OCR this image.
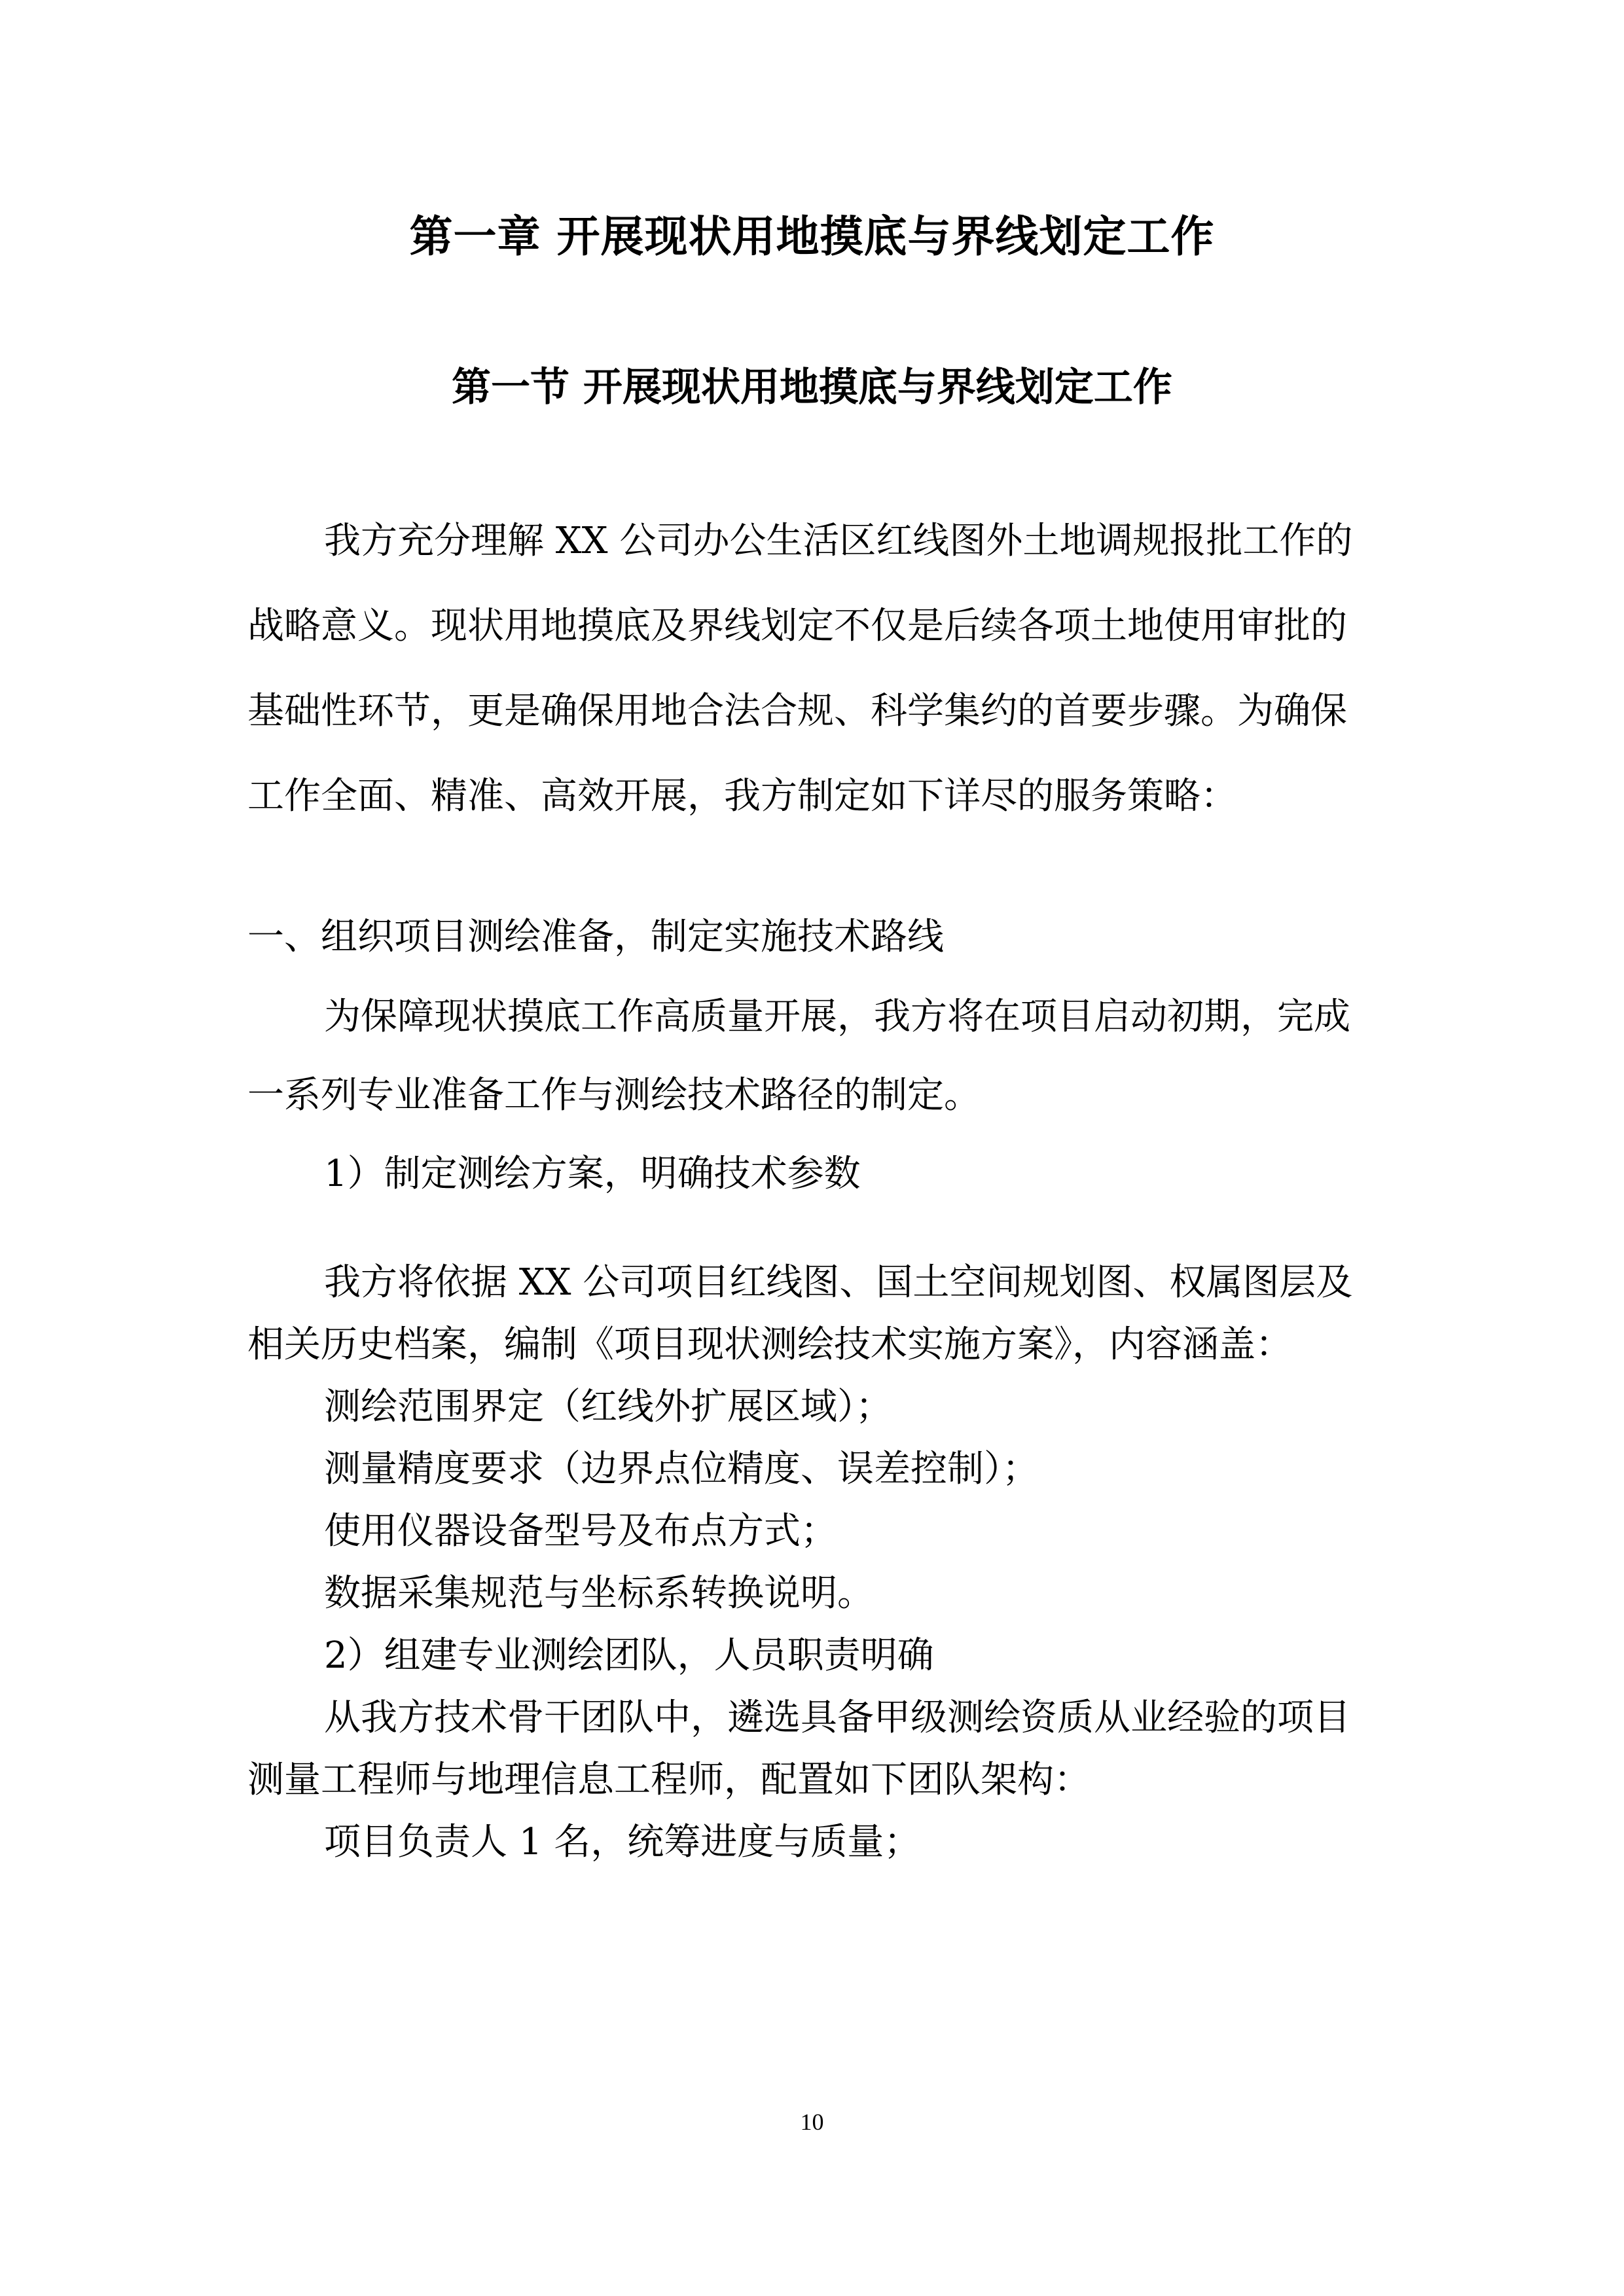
第一章 开展现状用地摸底与界线划定工作
第一节 开展现状用地摸底与界线划定工作

我方充分理解 XX 公司办公生活区红线图外土地调规报批工作的

战略意义。现状用地摸底及界线划定不仅是后续各项土地使用审批的

基础性环节，更是确保用地合法合规、科学集约的首要步骤。为确保

工作全面、精准、高效开展，我方制定如下详尽的服务策略：

一、组织项目测绘准备，制定实施技术路线

为保障现状摸底工作高质量开展，我方将在项目启动初期，完成

一系列专业准备工作与测绘技术路径的制定。

1）制定测绘方案，明确技术参数

我方将依据 XX 公司项目红线图、国土空间规划图、权属图层及

相关历史档案，编制《项目现状测绘技术实施方案》，内容涵盖：

测绘范围界定（红线外扩展区域）；

测量精度要求（边界点位精度、误差控制）；

使用仪器设备型号及布点方式；

数据采集规范与坐标系转换说明。

2）组建专业测绘团队，人员职责明确

从我方技术骨干团队中，遴选具备甲级测绘资质从业经验的项目

测量工程师与地理信息工程师，配置如下团队架构：

项目负责人 1 名，统筹进度与质量；

10
